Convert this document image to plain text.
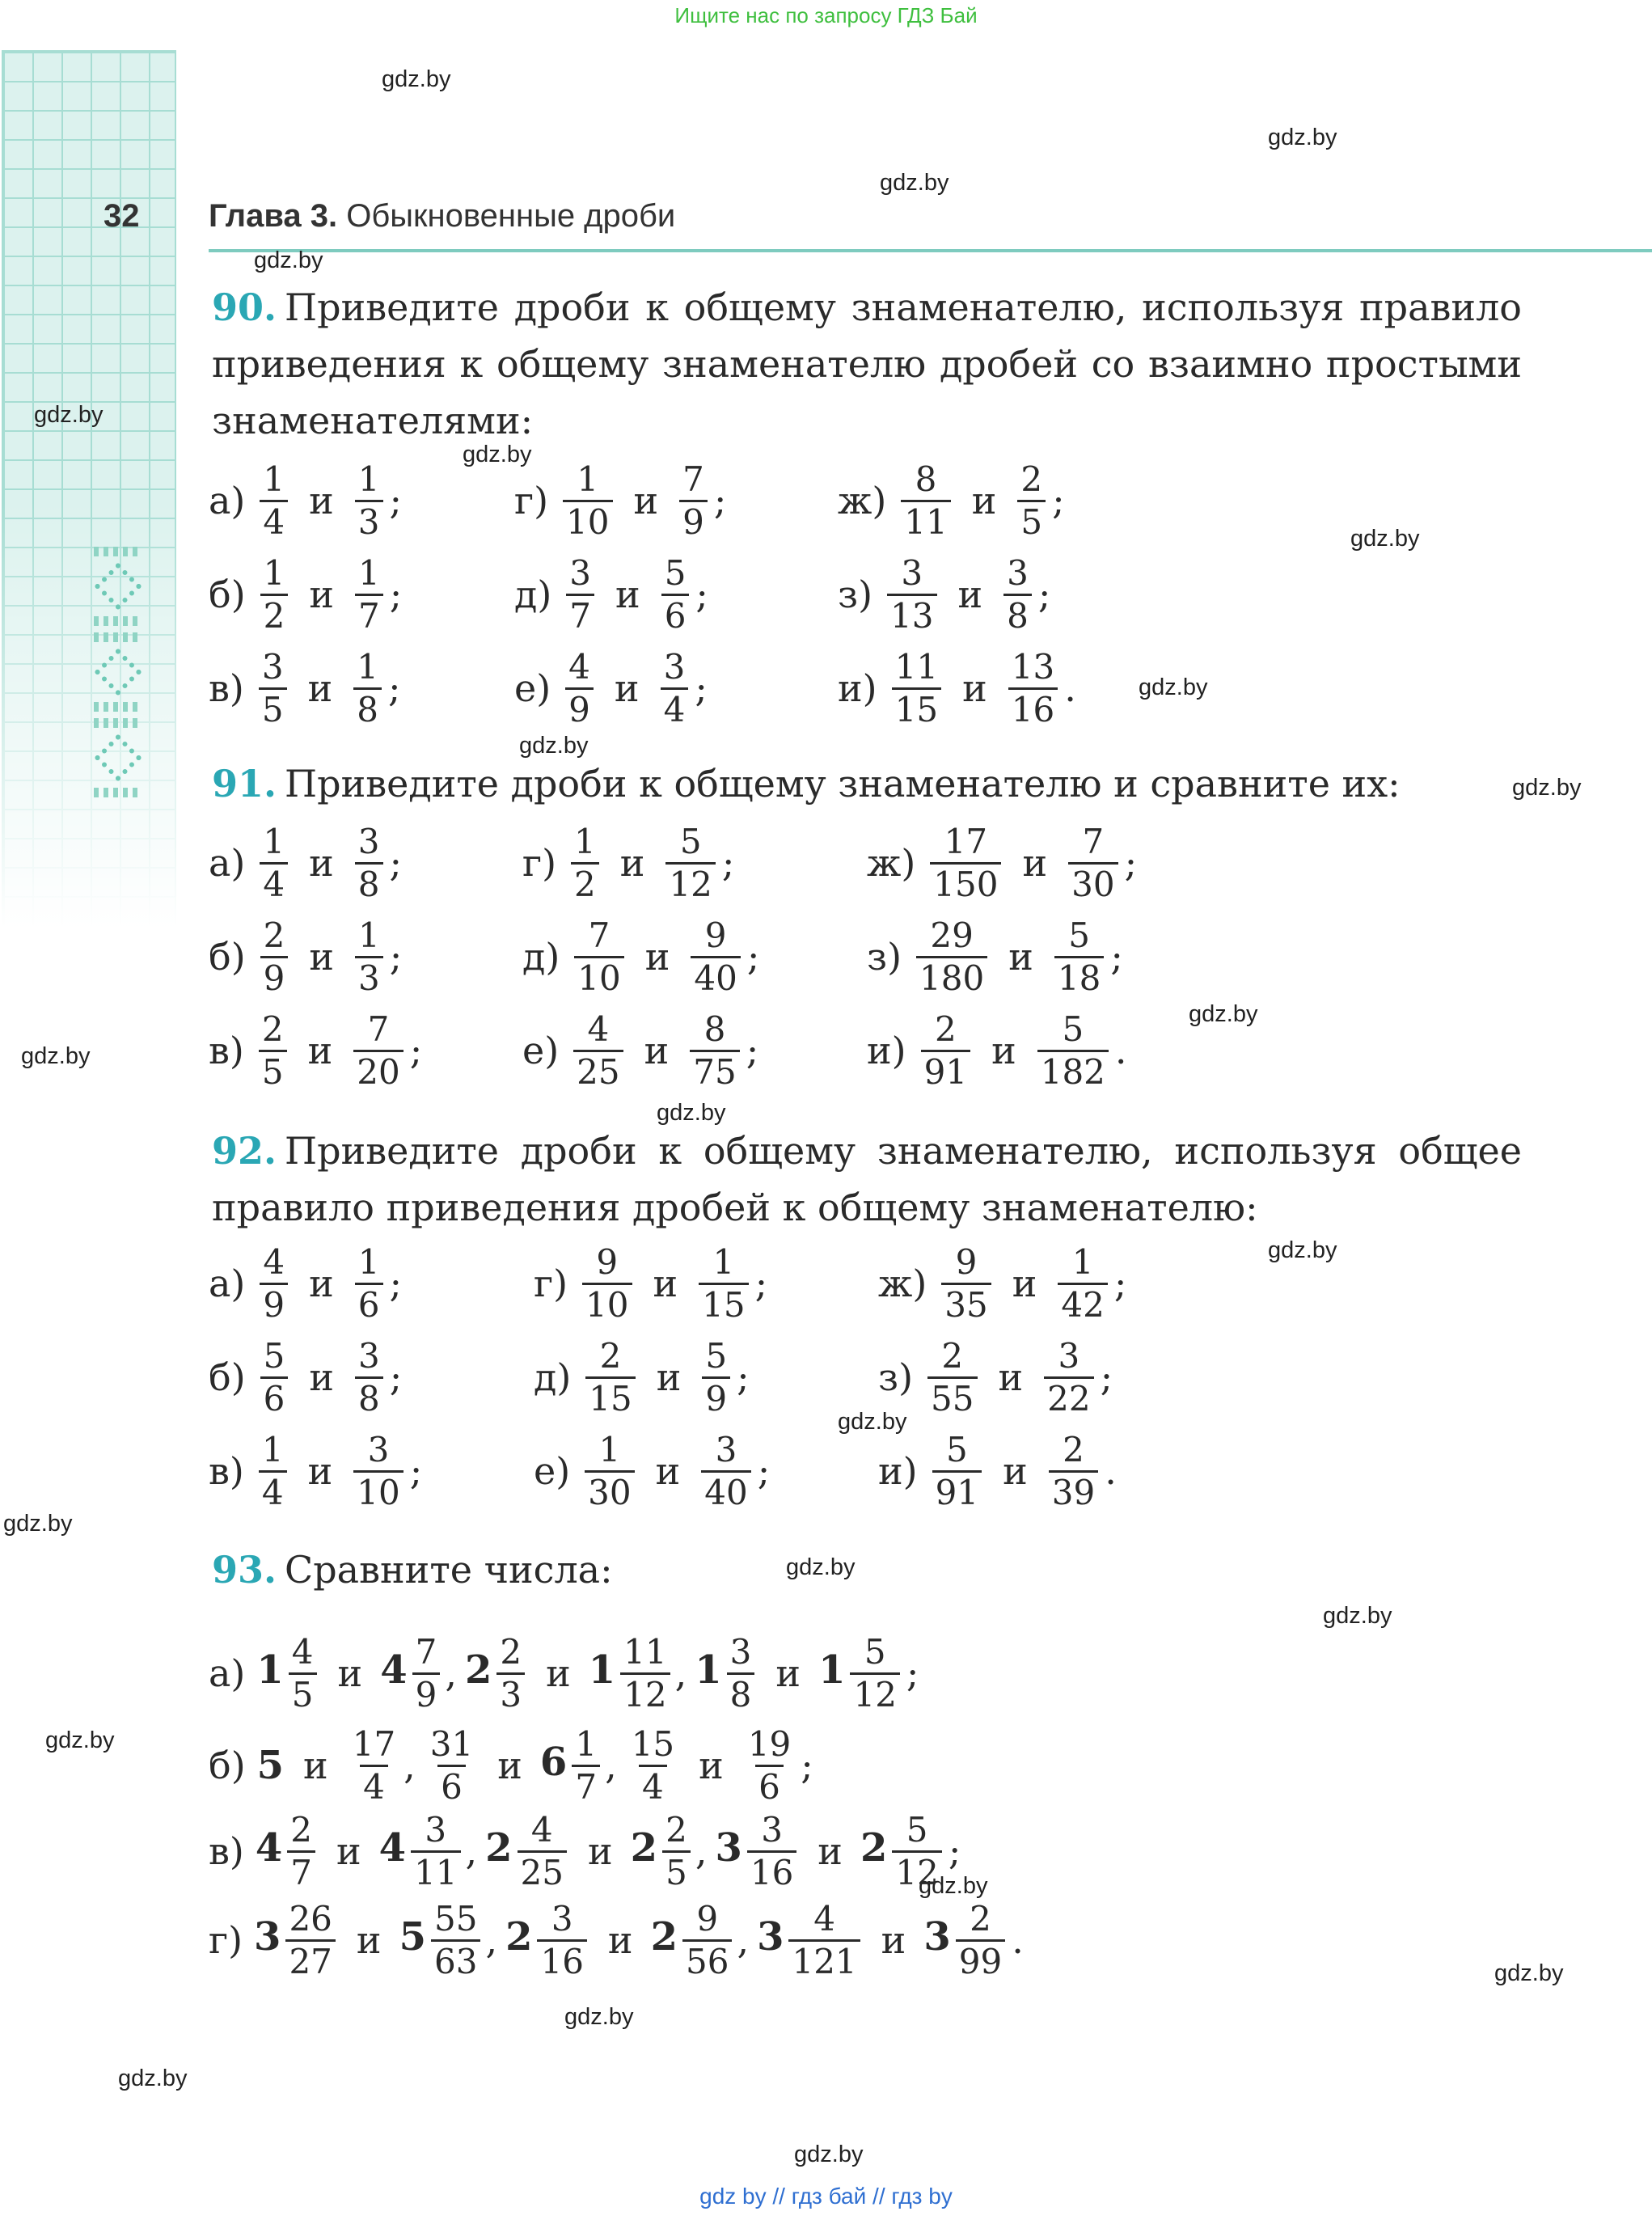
Ищите нас по запросу ГДЗ Бай
32 Глава 3. Обыкновенные дроби
gdz.by
gdz.by
gdz.by
gdz.by
gdz.by
gdz.by
gdz.by
gdz.by
gdz.by
gdz.by
gdz.by
gdz.by
gdz.by
gdz.by
gdz.by
gdz.by
gdz.by
gdz.by
gdz.by
gdz.by
gdz.by
gdz.by
gdz.by
gdz.by
90. Приведите дроби к общему знаменателю, используя правило приведения к общему знаменателю дробей со взаимно простыми знаменателями:
91. Приведите дроби к общему знаменателю и сравните их:
92. Приведите дроби к общему знаменателю, используя общее правило приведения дробей к общему знаменателю:
93. Сравните числа:
$а) \frac{1}{4}$ и $\frac{1}{3}$ ;	$г) \frac{1}{10}$ и $\frac{7}{9}$ ;	$ж) \frac{8}{11}$ и $\frac{2}{5}$ ;
$б) \frac{1}{2}$ и $\frac{1}{7}$ ;	$д) \frac{3}{7}$ и $\frac{5}{6}$ ;	$з) \frac{3}{13}$ и $\frac{3}{8}$ ;
$в) \frac{3}{5}$ и $\frac{1}{8}$ ;	$е) \frac{4}{9}$ и $\frac{3}{4}$ ;	$и) \frac{11}{15}$ и $\frac{13}{16}$ .
$а) \frac{1}{4}$ и $\frac{3}{8}$ ;	$г) \frac{1}{2}$ и $\frac{5}{12}$ ;	$ж) \frac{17}{150}$ и $\frac{7}{30}$ ;
$б) \frac{2}{9}$ и $\frac{1}{3}$ ;	$д) \frac{7}{10}$ и $\frac{9}{40}$ ;	$з) \frac{29}{180}$ и $\frac{5}{18}$ ;
$в) \frac{2}{5}$ и $\frac{7}{20}$ ;	$е) \frac{4}{25}$ и $\frac{8}{75}$ ;	$и) \frac{2}{91}$ и $\frac{5}{182}$ .
$а) \frac{4}{9}$ и $\frac{1}{6}$ ;	$г) \frac{9}{10}$ и $\frac{1}{15}$ ;	$ж) \frac{9}{35}$ и $\frac{1}{42}$ ;
$б) \frac{5}{6}$ и $\frac{3}{8}$ ;	$д) \frac{2}{15}$ и $\frac{5}{9}$ ;	$з) \frac{2}{55}$ и $\frac{3}{22}$ ;
$в) \frac{1}{4}$ и $\frac{3}{10}$ ;	$е) \frac{1}{30}$ и $\frac{3}{40}$ ;	$и) \frac{5}{91}$ и $\frac{2}{39}$ .
а) $1 \frac{4}{5}$ и $4 \frac{7}{9}$ , $2 \frac{2}{3}$ и $1 \frac{11}{12}$ , $1 \frac{3}{8}$ и $1 \frac{5}{12}$ ;
б) 5 и $\frac{17}{4}$ , $\frac{31}{6}$ и $6 \frac{1}{7}$ , $\frac{15}{4}$ и $\frac{19}{6}$ ;
в) $4 \frac{2}{7}$ и $4 \frac{3}{11}$ , $2 \frac{4}{25}$ и $2 \frac{2}{5}$ , $3 \frac{3}{16}$ и $2 \frac{5}{12}$ ;
г) $3 \frac{26}{27}$ и $5 \frac{55}{63}$ , $2 \frac{3}{16}$ и $2 \frac{9}{56}$ , $3 \frac{4}{121}$ и $3 \frac{2}{99}$ .
gdz by // гдз бай // гдз by
